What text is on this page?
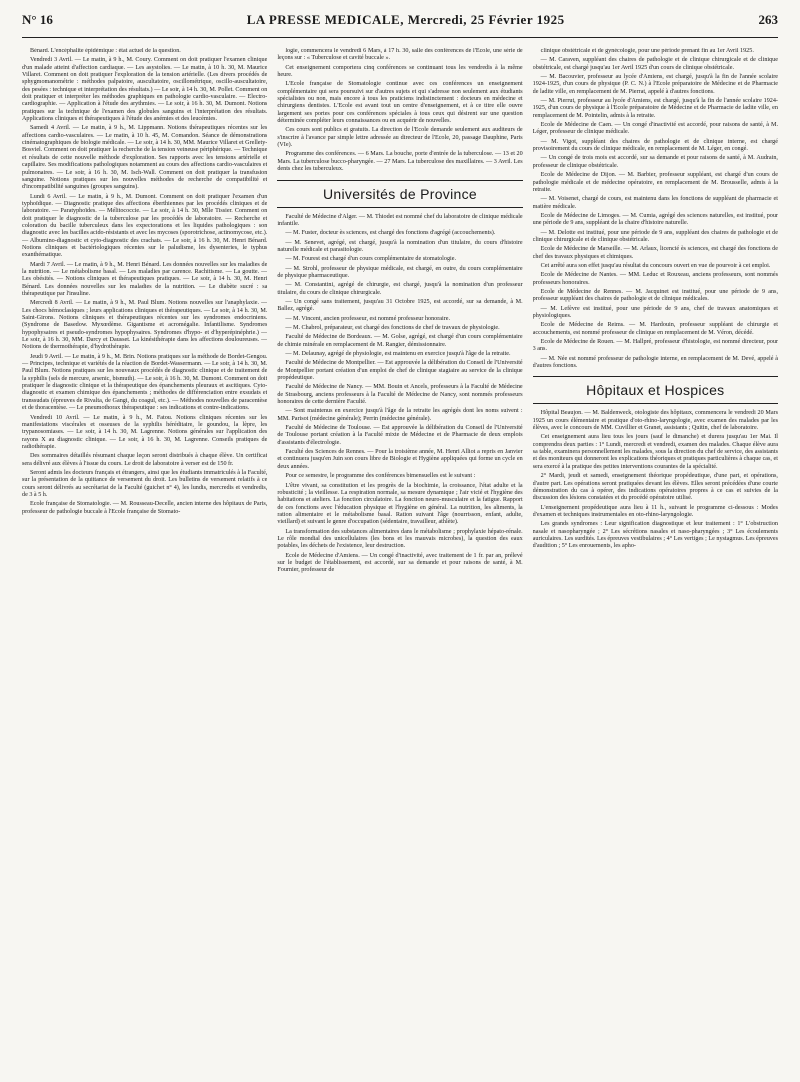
N° 16	LA PRESSE MEDICALE, Mercredi, 25 Février 1925	263

Bénard. L'encéphalite épidémique : état actuel de la question.

Vendredi 3 Avril. — Le matin, à 9 h., M. Coury. Comment on doit pratiquer l'examen clinique d'un malade atteint d'affection cardiaque. — Les asystolies. — Le matin, à 10 h. 30, M. Maurice Villaret. Comment on doit pratiquer l'exploration de la tension artérielle. (Les divers procédés de sphygmomanométrie : méthodes palpatoire, auscultatoire, oscillométrique, oscillo-auscultatoire, des pesées : technique et interprétation des résultats.) — Le soir, à 14 h. 30, M. Pollet. Comment on doit pratiquer et interpréter les méthodes graphiques en pathologie cardio-vasculaire. — Electro-cardiographie. — Application à l'étude des arythmies. — Le soir, à 16 h. 30, M. Dumont. Notions pratiques sur la technique de l'examen des globules sanguins et l'interprétation des résultats. Applications cliniques et thérapeutiques à l'étude des anémies et des leucémies.

Samedi 4 Avril. — Le matin, à 9 h., M. Lippmann. Notions thérapeutiques récentes sur les affections cardio-vasculaires. — Le matin, à 10 h. 45, M. Comandon. Séance de démonstrations cinématographiques de biologie médicale. — Le soir, à 14 h. 30, MM. Maurice Villaret et Grellety-Bosviel. Comment on doit pratiquer la recherche de la tension veineuse périphérique. — Technique et résultats de cette nouvelle méthode d'exploration. Ses rapports avec les tensions artérielle et capillaire. Ses modifications pathologiques notamment au cours des affections cardio-vasculaires et pulmonaires. — Le soir, à 16 h. 30, M. Isch-Wall. Comment on doit pratiquer la transfusion sanguine. Notions pratiques sur les nouvelles méthodes de recherche de compatibilité et d'incompatibilité sanguines (groupes sanguins).

Lundi 6 Avril. — Le matin, à 9 h., M. Dumont. Comment on doit pratiquer l'examen d'un typhoïdique. — Diagnostic pratique des affections éberthiennes par les procédés cliniques et de laboratoire. — Paratyphoïdes. — Mélitococcie. — Le soir, à 14 h. 30, Mlle Tissier. Comment on doit pratiquer le diagnostic de la tuberculose par les procédés de laboratoire. — Recherche et coloration du bacille tuberculeux dans les expectorations et les liquides pathologiques : son diagnostic avec les bacilles acido-résistants et avec les mycoses (sporotrichose, actinomycose, etc.). — Albumino-diagnostic et cyto-diagnostic des crachats. — Le soir, à 16 h. 30, M. Henri Bénard. Notions cliniques et bactériologiques récentes sur le paludisme, les dysenteries, le typhus exanthématique.

Mardi 7 Avril. — Le matin, à 9 h., M. Henri Bénard. Les données nouvelles sur les maladies de la nutrition. — Le métabolisme basal. — Les maladies par carence. Rachitisme. — La goutte. — Les obésités. — Notions cliniques et thérapeutiques pratiques. — Le soir, à 14 h. 30, M. Henri Bénard. Les données nouvelles sur les maladies de la nutrition. — Le diabète sucré : sa thérapeutique par l'insuline.

Mercredi 8 Avril. — Le matin, à 9 h., M. Paul Blum. Notions nouvelles sur l'anaphylaxie. — Les chocs hémoclasiques ; leurs applications cliniques et thérapeutiques. — Le soir, à 14 h. 30, M. Saint-Girons. Notions cliniques et thérapeutiques récentes sur les syndromes endocriniens. (Syndrome de Basedow. Myxœdème. Gigantisme et acromégalie. Infantilisme. Syndromes hypophysaires et pseudo-syndromes hypophysaires. Syndromes d'hypo- et d'hyperépinéphrie.) — Le soir, à 16 h. 30, MM. Darcy et Dausset. La kinésithérapie dans les affections douloureuses. — Notions de thermothérapie, d'hydrothérapie.

Jeudi 9 Avril. — Le matin, à 9 h., M. Brin. Notions pratiques sur la méthode de Bordet-Gengou. — Principes, technique et variétés de la réaction de Bordet-Wassermann. — Le soir, à 14 h. 30, M. Paul Blum. Notions pratiques sur les nouveaux procédés de diagnostic clinique et de traitement de la syphilis (sels de mercure, arsenic, bismuth). — Le soir, à 16 h. 30, M. Dumont. Comment on doit pratiquer le diagnostic clinique et la thérapeutique des épanchements pleuraux et ascitiques. Cyto-diagnostic et examen chimique des épanchements ; méthodes de différenciation entre exsudats et transsudats (épreuves de Rivalta, de Gangi, du coagul, etc.). — Méthodes nouvelles de paracentèse et de thoracentèse. — Le pneumothorax thérapeutique : ses indications et contre-indications.

Vendredi 10 Avril. — Le matin, à 9 h., M. Fatou. Notions cliniques récentes sur les manifestations viscérales et osseuses de la syphilis héréditaire, le goundou, la lèpre, les trypanosomiases. — Le soir, à 14 h. 30, M. Lagrenne. Notions générales sur l'application des rayons X au diagnostic clinique. — Le soir, à 16 h. 30, M. Lagrenne. Conseils pratiques de radiothérapie.

Des sommaires détaillés résumant chaque leçon seront distribués à chaque élève. Un certificat sera délivré aux élèves à l'issue du cours. Le droit de laboratoire à verser est de 150 fr.

Seront admis les docteurs français et étrangers, ainsi que les étudiants immatriculés à la Faculté, sur la présentation de la quittance de versement du droit. Les bulletins de versement relatifs à ce cours seront délivrés au secrétariat de la Faculté (guichet n° 4), les lundis, mercredis et vendredis, de 3 à 5 h.

Ecole française de Stomatologie. — M. Rousseau-Decelle, ancien interne des hôpitaux de Paris, professeur de pathologie buccale à l'Ecole française de Stomato-

logie, commencera le vendredi 6 Mars, à 17 h. 30, salle des conférences de l'Ecole, une série de leçons sur : « Tuberculose et cavité buccale ».

Cet enseignement comportera cinq conférences se continuant tous les vendredis à la même heure.

L'Ecole française de Stomatologie continue avec ces conférences un enseignement complémentaire qui sera poursuivi sur d'autres sujets et qui s'adresse non seulement aux étudiants spécialistes ou non, mais encore à tous les praticiens indistinctement : docteurs en médecine et chirurgiens dentistes. L'Ecole est avant tout un centre d'enseignement, et à ce titre elle ouvre largement ses portes pour ces conférences spéciales à tous ceux qui désirent sur une question déterminée compléter leurs connaissances ou en acquérir de nouvelles.

Ces cours sont publics et gratuits. La direction de l'Ecole demande seulement aux auditeurs de s'inscrire à l'avance par simple lettre adressée au directeur de l'Ecole, 20, passage Dauphine, Paris (VIe).

Programme des conférences. — 6 Mars. La bouche, porte d'entrée de la tuberculose. — 13 et 20 Mars. La tuberculose bucco-pharyngée. — 27 Mars. La tuberculose des maxillaires. — 3 Avril. Les dents chez les tuberculeux.

Universités de Province

Faculté de Médecine d'Alger. — M. Thiodet est nommé chef du laboratoire de clinique médicale infantile.

— M. Fuster, docteur ès sciences, est chargé des fonctions d'agrégé (accouchements).

— M. Senevet, agrégé, est chargé, jusqu'à la nomination d'un titulaire, du cours d'histoire naturelle médicale et parasitologie.

— M. Fourest est chargé d'un cours complémentaire de stomatologie.

— M. Strohl, professeur de physique médicale, est chargé, en outre, du cours complémentaire de physique pharmaceutique.

— M. Constantini, agrégé de chirurgie, est chargé, jusqu'à la nomination d'un professeur titulaire, du cours de clinique chirurgicale.

— Un congé sans traitement, jusqu'au 31 Octobre 1925, est accordé, sur sa demande, à M. Ballez, agrégé.

— M. Vincent, ancien professeur, est nommé professeur honoraire.

— M. Chabrol, préparateur, est chargé des fonctions de chef de travaux de physiologie.

Faculté de Médecine de Bordeaux. — M. Golse, agrégé, est chargé d'un cours complémentaire de chimie minérale en remplacement de M. Rangier, démissionnaire.

— M. Delaunay, agrégé de physiologie, est maintenu en exercice jusqu'à l'âge de la retraite.

Faculté de Médecine de Montpellier. — Est approuvée la délibération du Conseil de l'Université de Montpellier portant création d'un emploi de chef de clinique stagiaire au service de la clinique propédeutique.

Faculté de Médecine de Nancy. — MM. Bouin et Ancels, professeurs à la Faculté de Médecine de Strasbourg, anciens professeurs à la Faculté de Médecine de Nancy, sont nommés professeurs honoraires de cette dernière Faculté.

— Sont maintenus en exercice jusqu'à l'âge de la retraite les agrégés dont les noms suivent : MM. Parisot (médecine générale); Perrin (médecine générale).

Faculté de Médecine de Toulouse. — Est approuvée la délibération du Conseil de l'Université de Toulouse portant création à la Faculté mixte de Médecine et de Pharmacie de deux emplois d'assistants d'électrologie.

Faculté des Sciences de Rennes. — Pour la troisième année, M. Henri Alliot a repris en Janvier et continuera jusqu'en Juin son cours libre de Biologie et Hygiène appliquées qui forme un cycle en deux années.

Pour ce semestre, le programme des conférences bimensuelles est le suivant :

L'être vivant, sa constitution et les progrès de la biochimie, la croissance, l'état adulte et la robusticité ; la vieillesse. La respiration normale, sa mesure dynamique ; l'air vicié et l'hygiène des habitations et ateliers. La fonction circulatoire. La fonction neuro-musculaire et la fatigue. Rapport de ces fonctions avec l'éducation physique et l'hygiène en général. La nutrition, les aliments, la ration alimentaire et le métabolisme basal. Ration suivant l'âge (nourrisson, enfant, adulte, vieillard) et suivant le genre d'occupation (sédentaire, travailleur, athlète).

La transformation des substances alimentaires dans le métabolisme ; prophylaxie hépato-rénale. Le rôle mondial des unicellulaires (les bons et les mauvais microbes), la question des eaux potables, les déchets de l'existence, leur destruction.

Ecole de Médecine d'Amiens. — Un congé d'inactivité, avec traitement de 1 fr. par an, prélevé sur le budget de l'établissement, est accordé, sur sa demande et pour raisons de santé, à M. Fournier, professeur de

clinique obstétricale et de gynécologie, pour une période prenant fin au 1er Avril 1925.

— M. Caraven, suppléant des chaires de pathologie et de clinique chirurgicale et de clinique obstétricale, est chargé jusqu'au 1er Avril 1925 d'un cours de clinique obstétricale.

— M. Bacouvier, professeur au lycée d'Amiens, est chargé, jusqu'à la fin de l'année scolaire 1924-1925, d'un cours de physique (P. C. N.) à l'Ecole préparatoire de Médecine et de Pharmacie de ladite ville, en remplacement de M. Pierrat, appelé à d'autres fonctions.

— M. Pierrut, professeur au lycée d'Amiens, est chargé, jusqu'à la fin de l'année scolaire 1924-1925, d'un cours de physique à l'Ecole préparatoire de Médecine et de Pharmacie de ladite ville, en remplacement de M. Pointelin, admis à la retraite.

Ecole de Médecine de Caen. — Un congé d'inactivité est accordé, pour raisons de santé, à M. Léger, professeur de clinique médicale.

— M. Vigot, suppléant des chaires de pathologie et de clinique interne, est chargé provisoirement du cours de clinique médicale, en remplacement de M. Léger, en congé.

— Un congé de trois mois est accordé, sur sa demande et pour raisons de santé, à M. Audrain, professeur de clinique obstétricale.

Ecole de Médecine de Dijon. — M. Barbier, professeur suppléant, est chargé d'un cours de pathologie médicale et de médecine opératoire, en remplacement de M. Brousselle, admis à la retraite.

— M. Voisenet, chargé de cours, est maintenu dans les fonctions de suppléant de pharmacie et matière médicale.

Ecole de Médecine de Limoges. — M. Cumia, agrégé des sciences naturelles, est institué, pour une période de 9 ans, suppléant de la chaire d'histoire naturelle.

— M. Delotte est institué, pour une période de 9 ans, suppléant des chaires de pathologie et de clinique chirurgicale et de clinique obstétricale.

Ecole de Médecine de Marseille. — M. Arlaux, licencié ès sciences, est chargé des fonctions de chef des travaux physiques et chimiques.

Cet arrêté aura son effet jusqu'au résultat du concours ouvert en vue de pourvoir à cet emploi.

Ecole de Médecine de Nantes. — MM. Leduc et Rouxeau, anciens professeurs, sont nommés professeurs honoraires.

Ecole de Médecine de Rennes. — M. Jacquinet est institué, pour une période de 9 ans, professeur suppléant des chaires de pathologie et de clinique médicales.

— M. Lefèvre est institué, pour une période de 9 ans, chef de travaux anatomiques et physiologiques.

Ecole de Médecine de Reims. — M. Hardouin, professeur suppléant de chirurgie et accouchements, est nommé professeur de clinique en remplacement de M. Véron, décédé.

Ecole de Médecine de Rouen. — M. Hallpré, professeur d'histologie, est nommé directeur, pour 3 ans.

— M. Née est nommé professeur de pathologie interne, en remplacement de M. Devé, appelé à d'autres fonctions.

Hôpitaux et Hospices

Hôpital Beaujon. — M. Baldenweck, otologiste des hôpitaux, commencera le vendredi 20 Mars 1925 un cours élémentaire et pratique d'oto-rhino-laryngologie, avec examen des malades par les élèves, avec le concours de MM. Cuvillier et Granet, assistants ; Quitin, chef de laboratoire.

Cet enseignement aura lieu tous les jours (sauf le dimanche) et durera jusqu'au 1er Mai. Il comprendra deux parties : 1° Lundi, mercredi et vendredi, examen des malades. Chaque élève aura sa table, examinera personnellement les malades, sous la direction du chef de service, des assistants et des moniteurs qui donneront les explications théoriques et pratiques particulières à chaque cas, et sera exercé à la pratique des petites interventions courantes de la spécialité.

2° Mardi, jeudi et samedi, enseignement théorique propédeutique, d'une part, et opérations, d'autre part. Les opérations seront pratiquées devant les élèves. Elles seront précédées d'une courte démonstration du cas à opérer, des indications opératoires propres à ce cas et suivies de la discussion des lésions constatées et du procédé opératoire utilisé.

L'enseignement propédeutique aura lieu à 11 h., suivant le programme ci-dessous : Modes d'examen et techniques instrumentales en oto-rhino-laryngologie.

Les grands syndromes : Leur signification diagnostique et leur traitement : 1° L'obstruction nasale et nasopharyngée ; 2° Les sécrétions nasales et naso-pharyngées ; 3° Les écoulements auriculaires. Les surdités. Les épreuves vestibulaires ; 4° Les vertiges ; Le nystagmus. Les épreuves d'audition ; 5° Les enrouements, les apho-
